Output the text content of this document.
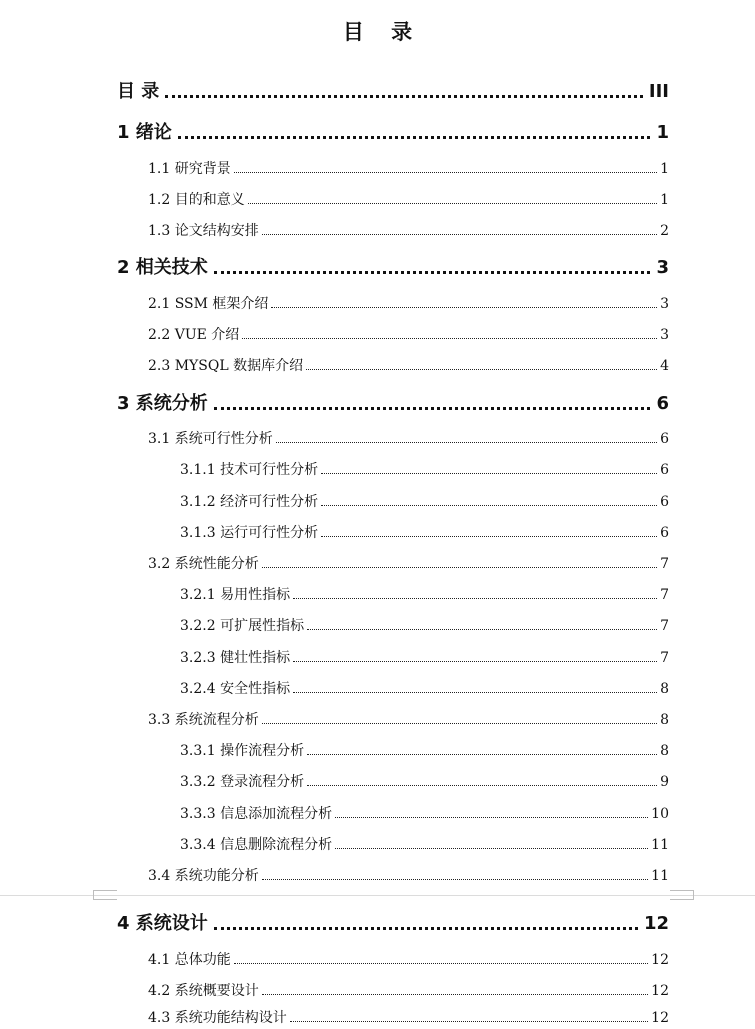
目 录
目 录	III
1 绪论	1
1.1 研究背景	1
1.2 目的和意义	1
1.3 论文结构安排	2
2 相关技术	3
2.1 SSM 框架介绍	3
2.2 VUE 介绍	3
2.3 MYSQL 数据库介绍	4
3 系统分析	6
3.1 系统可行性分析	6
3.1.1 技术可行性分析	6
3.1.2 经济可行性分析	6
3.1.3 运行可行性分析	6
3.2 系统性能分析	7
3.2.1 易用性指标	7
3.2.2 可扩展性指标	7
3.2.3 健壮性指标	7
3.2.4 安全性指标	8
3.3 系统流程分析	8
3.3.1 操作流程分析	8
3.3.2 登录流程分析	9
3.3.3 信息添加流程分析	10
3.3.4 信息删除流程分析	11
3.4 系统功能分析	11
4 系统设计	12
4.1 总体功能	12
4.2 系统概要设计	12
4.3 系统功能结构设计	12
